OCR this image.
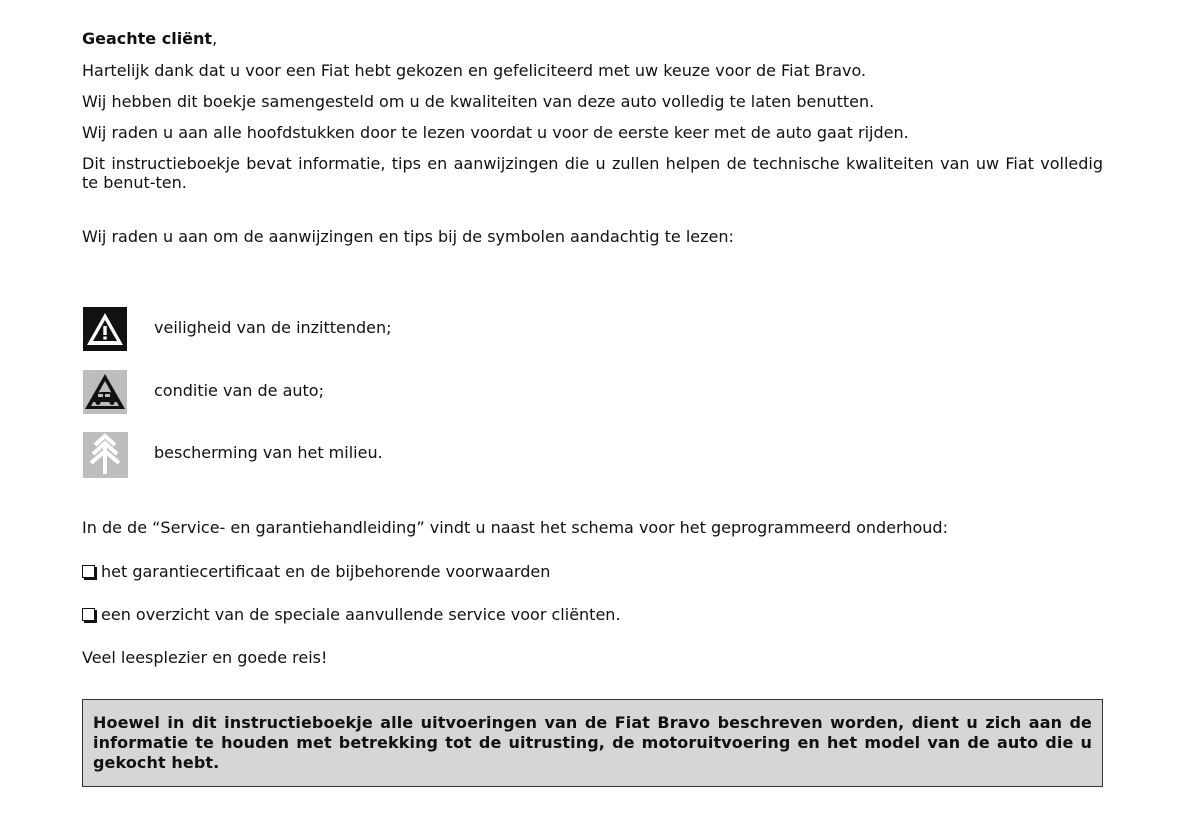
Geachte cliënt,

Hartelijk dank dat u voor een Fiat hebt gekozen en gefeliciteerd met uw keuze voor de Fiat Bravo.

Wij hebben dit boekje samengesteld om u de kwaliteiten van deze auto volledig te laten benutten.

Wij raden u aan alle hoofdstukken door te lezen voordat u voor de eerste keer met de auto gaat rijden.

Dit instructieboekje bevat informatie, tips en aanwijzingen die u zullen helpen de technische kwaliteiten van uw Fiat volledig te benut-ten.

Wij raden u aan om de aanwijzingen en tips bij de symbolen aandachtig te lezen:

veiligheid van de inzittenden;
conditie van de auto;
bescherming van het milieu.

In de de “Service- en garantiehandleiding” vindt u naast het schema voor het geprogrammeerd onderhoud:

het garantiecertificaat en de bijbehorende voorwaarden

een overzicht van de speciale aanvullende service voor cliënten.

Veel leesplezier en goede reis!

Hoewel in dit instructieboekje alle uitvoeringen van de Fiat Bravo beschreven worden, dient u zich aan de informatie te houden met betrekking tot de uitrusting, de motoruitvoering en het model van de auto die u gekocht hebt.
